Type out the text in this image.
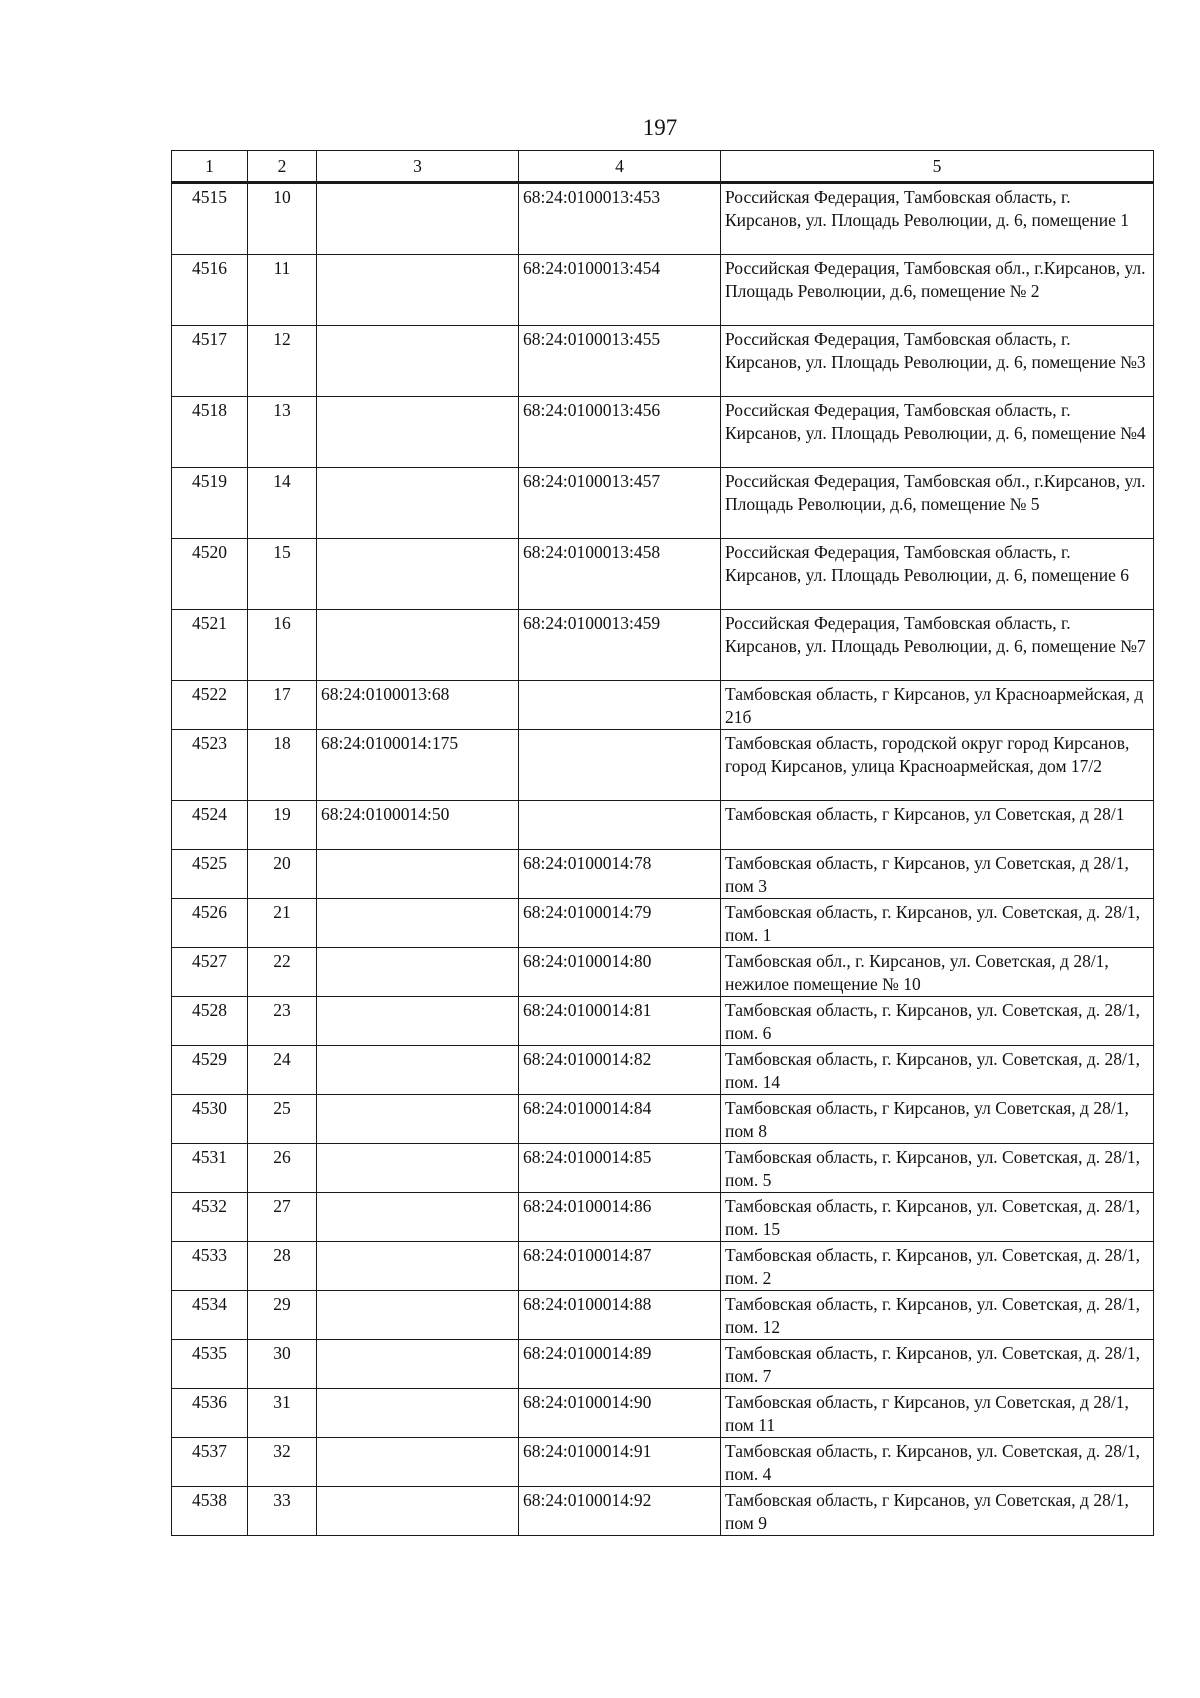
197
1	2	3	4	5
4515	10		68:24:0100013:453	Российская Федерация, Тамбовская область, г. Кирсанов, ул. Площадь Революции, д. 6, помещение 1
4516	11		68:24:0100013:454	Российская Федерация, Тамбовская обл., г.Кирсанов, ул. Площадь Революции, д.6, помещение № 2
4517	12		68:24:0100013:455	Российская Федерация, Тамбовская область, г. Кирсанов, ул. Площадь Революции, д. 6, помещение №3
4518	13		68:24:0100013:456	Российская Федерация, Тамбовская область, г. Кирсанов, ул. Площадь Революции, д. 6, помещение №4
4519	14		68:24:0100013:457	Российская Федерация, Тамбовская обл., г.Кирсанов, ул. Площадь Революции, д.6, помещение № 5
4520	15		68:24:0100013:458	Российская Федерация, Тамбовская область, г. Кирсанов, ул. Площадь Революции, д. 6, помещение 6
4521	16		68:24:0100013:459	Российская Федерация, Тамбовская область, г. Кирсанов, ул. Площадь Революции, д. 6, помещение №7
4522	17	68:24:0100013:68		Тамбовская область, г Кирсанов, ул Красноармейская, д 21б
4523	18	68:24:0100014:175		Тамбовская область, городской округ город Кирсанов, город Кирсанов, улица Красноармейская, дом 17/2
4524	19	68:24:0100014:50		Тамбовская область, г Кирсанов, ул Советская, д 28/1
4525	20		68:24:0100014:78	Тамбовская область, г Кирсанов, ул Советская, д 28/1, пом 3
4526	21		68:24:0100014:79	Тамбовская область, г. Кирсанов, ул. Советская, д. 28/1, пом. 1
4527	22		68:24:0100014:80	Тамбовская обл., г. Кирсанов, ул. Советская, д 28/1, нежилое помещение № 10
4528	23		68:24:0100014:81	Тамбовская область, г. Кирсанов, ул. Советская, д. 28/1, пом. 6
4529	24		68:24:0100014:82	Тамбовская область, г. Кирсанов, ул. Советская, д. 28/1, пом. 14
4530	25		68:24:0100014:84	Тамбовская область, г Кирсанов, ул Советская, д 28/1, пом 8
4531	26		68:24:0100014:85	Тамбовская область, г. Кирсанов, ул. Советская, д. 28/1, пом. 5
4532	27		68:24:0100014:86	Тамбовская область, г. Кирсанов, ул. Советская, д. 28/1, пом. 15
4533	28		68:24:0100014:87	Тамбовская область, г. Кирсанов, ул. Советская, д. 28/1, пом. 2
4534	29		68:24:0100014:88	Тамбовская область, г. Кирсанов, ул. Советская, д. 28/1, пом. 12
4535	30		68:24:0100014:89	Тамбовская область, г. Кирсанов, ул. Советская, д. 28/1, пом. 7
4536	31		68:24:0100014:90	Тамбовская область, г Кирсанов, ул Советская, д 28/1, пом 11
4537	32		68:24:0100014:91	Тамбовская область, г. Кирсанов, ул. Советская, д. 28/1, пом. 4
4538	33		68:24:0100014:92	Тамбовская область, г Кирсанов, ул Советская, д 28/1, пом 9
